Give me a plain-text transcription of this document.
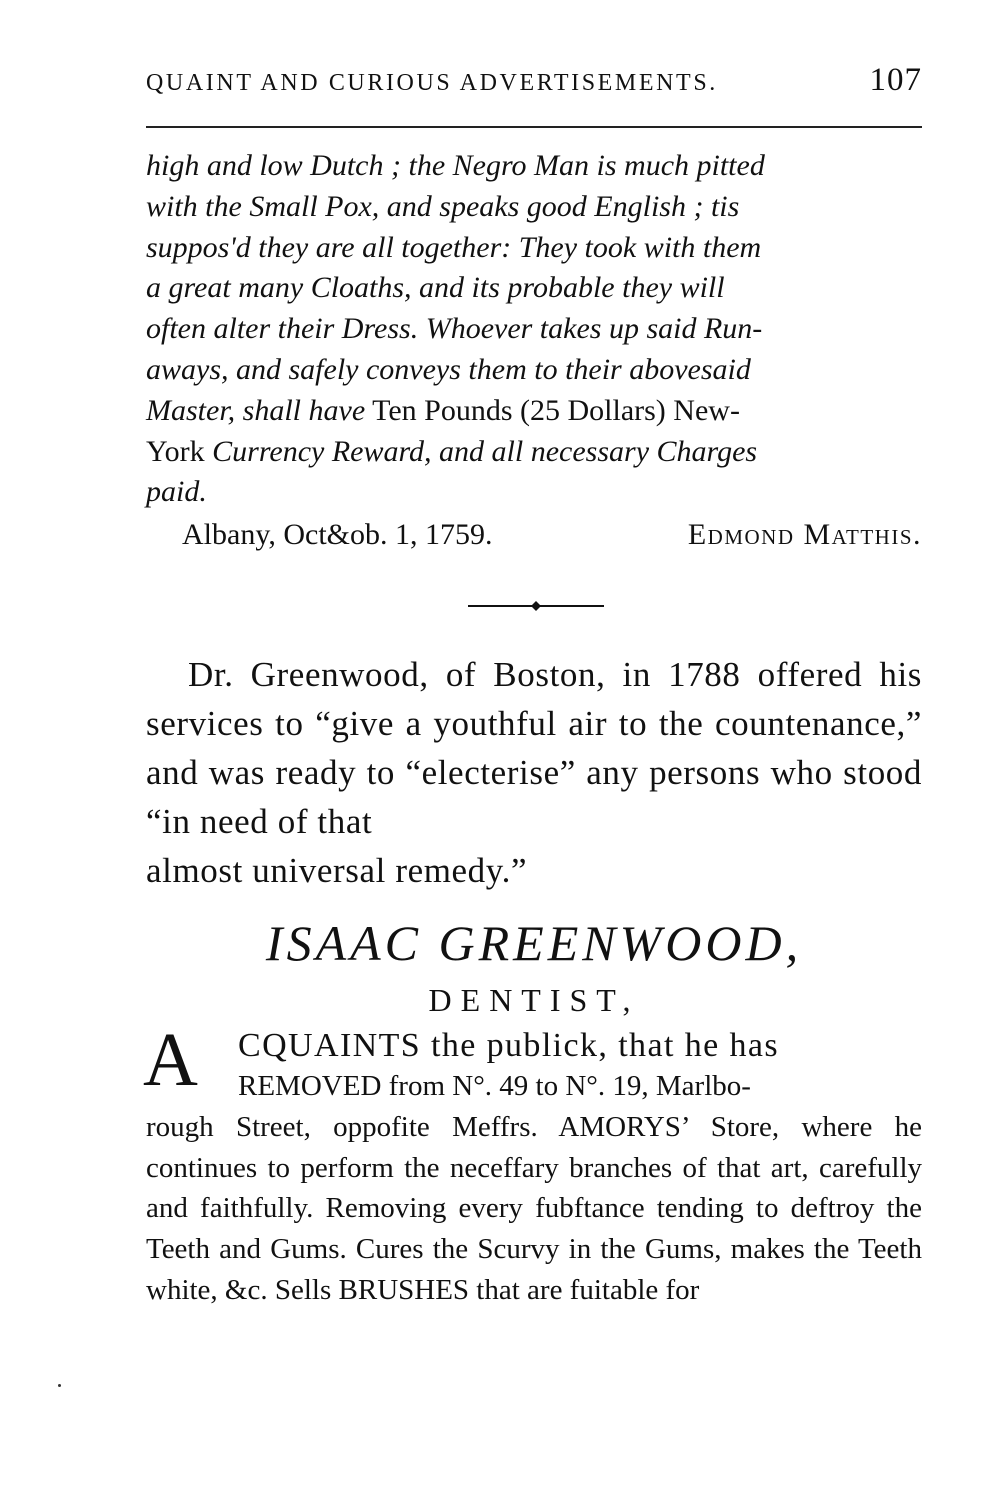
QUAINT AND CURIOUS ADVERTISEMENTS.	107

high and low Dutch ; the Negro Man is much pitted

with the Small Pox, and speaks good English ; tis

suppos'd they are all together: They took with them

a great many Cloaths, and its probable they will

often alter their Dress. Whoever takes up said Run-

aways, and safely conveys them to their abovesaid

Master, shall have Ten Pounds (25 Dollars) New-

York Currency Reward, and all necessary Charges

paid.

Albany, Oct&ob. 1, 1759.	Edmond Matthis.

Dr. Greenwood, of Boston, in 1788 offered his services to “give a youthful air to the countenance,” and was ready to “electerise” any persons who stood “in need of that

almost universal remedy.”

ISAAC GREENWOOD,
DENTIST,
A	CQUAINTS the publick, that he has

REMOVED from N°. 49 to N°. 19, Marlbo-

rough Street, oppofite Meffrs. AMORYS’ Store, where he continues to perform the neceffary branches of that art, carefully and faithfully. Removing every fubftance tending to deftroy the Teeth and Gums. Cures the Scurvy in the Gums, makes the Teeth white, &c. Sells BRUSHES that are fuitable for
